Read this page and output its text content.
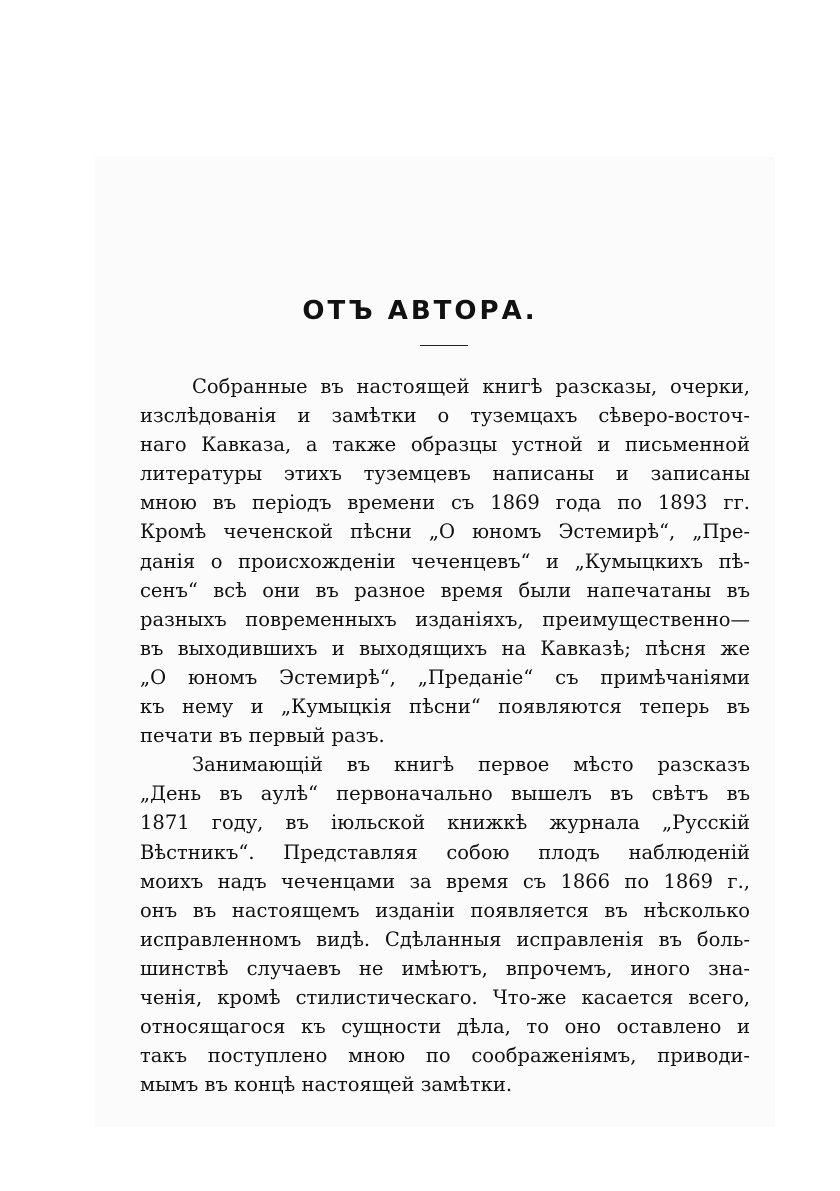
ОТЪ АВТОРА.
Собранные въ настоящей книгѣ разсказы, очерки,
изслѣдованія и замѣтки о туземцахъ сѣверо-восточ-
наго Кавказа, а также образцы устной и письменной
литературы этихъ туземцевъ написаны и записаны
мною въ періодъ времени съ 1869 года по 1893 гг.
Кромѣ чеченской пѣсни „О юномъ Эстемирѣ“, „Пре-
данія о происхожденіи чеченцевъ“ и „Кумыцкихъ пѣ-
сенъ“ всѣ они въ разное время были напечатаны въ
разныхъ повременныхъ изданіяхъ, преимущественно—
въ выходившихъ и выходящихъ на Кавказѣ; пѣсня же
„О юномъ Эстемирѣ“, „Преданіе“ съ примѣчаніями
къ нему и „Кумыцкія пѣсни“ появляются теперь въ
печати въ первый разъ.
Занимающій въ книгѣ первое мѣсто разсказъ
„День въ аулѣ“ первоначально вышелъ въ свѣтъ въ
1871 году, въ іюльской книжкѣ журнала „Русскій
Вѣстникъ“. Представляя собою плодъ наблюденій
моихъ надъ чеченцами за время съ 1866 по 1869 г.,
онъ въ настоящемъ изданіи появляется въ нѣсколько
исправленномъ видѣ. Сдѣланныя исправленія въ боль-
шинствѣ случаевъ не имѣютъ, впрочемъ, иного зна-
ченія, кромѣ стилистическаго. Что-же касается всего,
относящагося къ сущности дѣла, то оно оставлено и
такъ поступлено мною по соображеніямъ, приводи-
мымъ въ концѣ настоящей замѣтки.
